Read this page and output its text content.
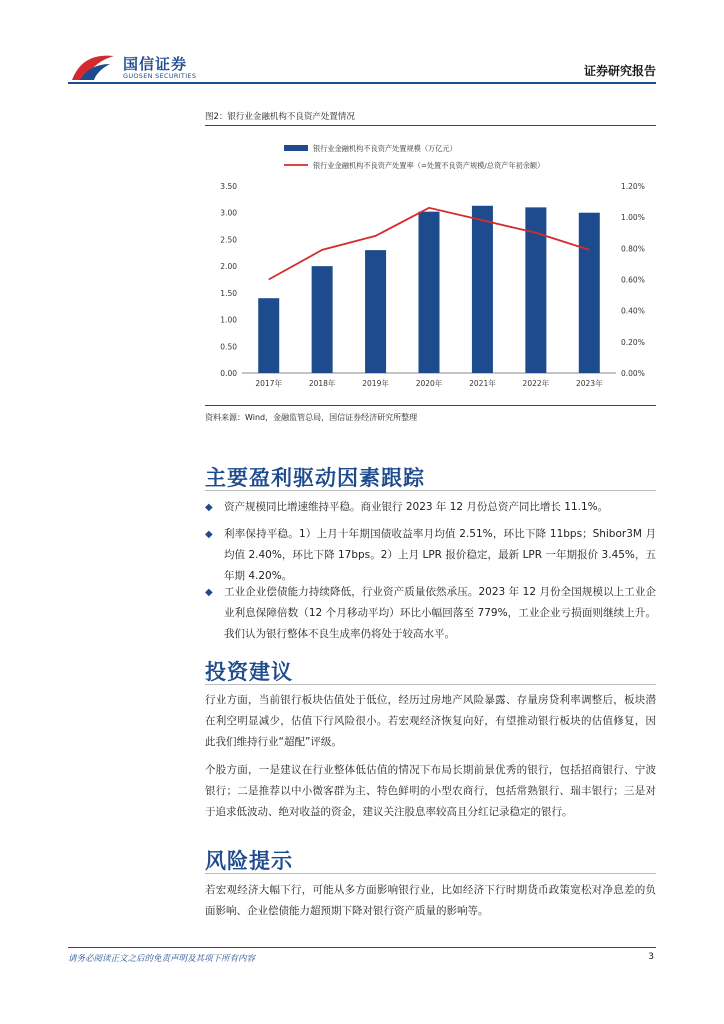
国信证券
GUOSEN SECURITIES	证券研究报告
图2：银行业金融机构不良资产处置情况
银行业金融机构不良资产处置规模（万亿元）
银行业金融机构不良资产处置率（=处置不良资产规模/总资产年初余额）
0.00
0.50
1.00
1.50
2.00
2.50
3.00
3.50
0.00%
0.20%
0.40%
0.60%
0.80%
1.00%
1.20%
2017年	2018年	2019年	2020年	2021年	2022年	2023年
资料来源：Wind，金融监管总局，国信证券经济研究所整理
主要盈利驱动因素跟踪
◆ 资产规模同比增速维持平稳。商业银行 2023 年 12 月份总资产同比增长 11.1%。
◆ 利率保持平稳。1）上月十年期国债收益率月均值 2.51%，环比下降 11bps；Shibor3M 月均值 2.40%，环比下降 17bps。2）上月 LPR 报价稳定，最新 LPR 一年期报价 3.45%，五年期 4.20%。
◆ 工业企业偿债能力持续降低，行业资产质量依然承压。2023 年 12 月份全国规模以上工业企业利息保障倍数（12 个月移动平均）环比小幅回落至 779%，工业企业亏损面则继续上升。我们认为银行整体不良生成率仍将处于较高水平。
投资建议
行业方面，当前银行板块估值处于低位，经历过房地产风险暴露、存量房贷利率调整后，板块潜在利空明显减少，估值下行风险很小。若宏观经济恢复向好，有望推动银行板块的估值修复，因此我们维持行业“超配”评级。
个股方面，一是建议在行业整体低估值的情况下布局长期前景优秀的银行，包括招商银行、宁波银行；二是推荐以中小微客群为主、特色鲜明的小型农商行，包括常熟银行、瑞丰银行；三是对于追求低波动、绝对收益的资金，建议关注股息率较高且分红记录稳定的银行。
风险提示
若宏观经济大幅下行，可能从多方面影响银行业，比如经济下行时期货币政策宽松对净息差的负面影响、企业偿债能力超预期下降对银行资产质量的影响等。
请务必阅读正文之后的免责声明及其项下所有内容	3
